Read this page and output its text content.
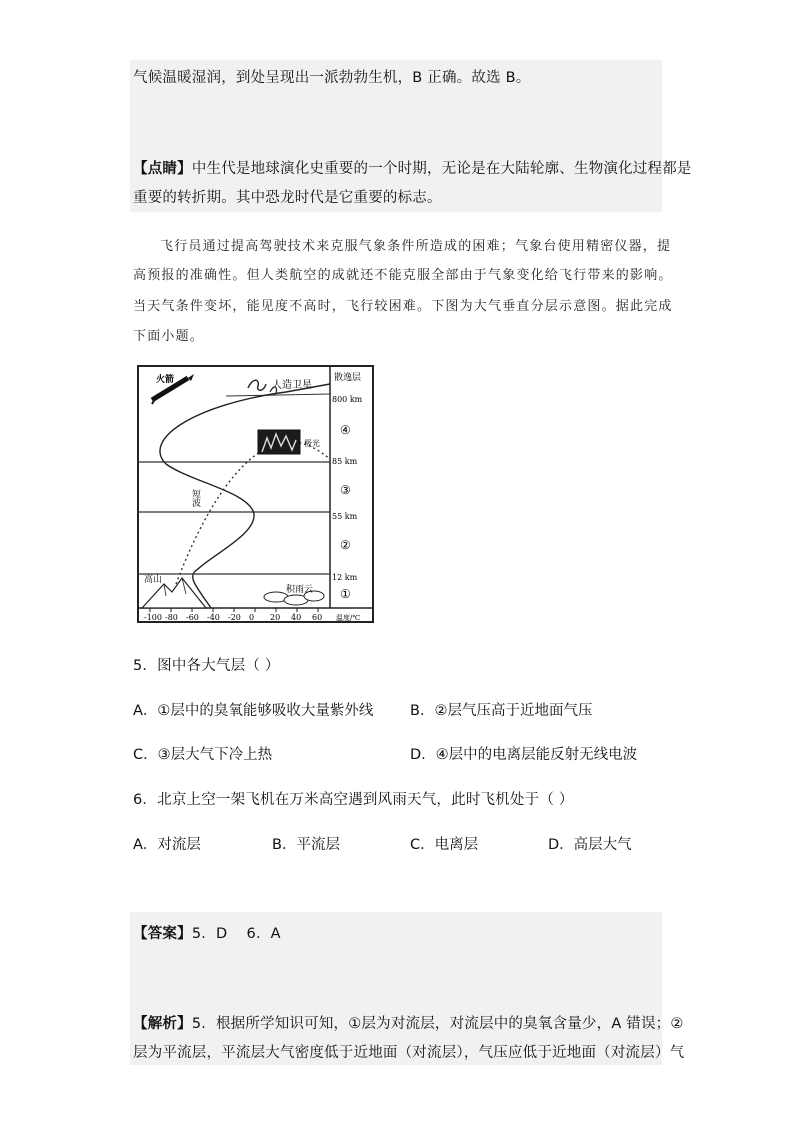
气候温暖湿润，到处呈现出一派勃勃生机，B 正确。故选 B。
【点睛】中生代是地球演化史重要的一个时期，无论是在大陆轮廓、生物演化过程都是
重要的转折期。其中恐龙时代是它重要的标志。
飞行员通过提高驾驶技术来克服气象条件所造成的困难；气象台使用精密仪器，提
高预报的准确性。但人类航空的成就还不能克服全部由于气象变化给飞行带来的影响。
当天气条件变坏，能见度不高时，飞行较困难。下图为大气垂直分层示意图。据此完成
下面小题。
火箭	人造卫星
极光
短波
高山
积雨云
散逸层
800 km
85 km
55 km
12 km
④
③
②
①
-100 -80 -60 -40 -20 0 20 40 60 温度/℃
5．图中各大气层（ ）
A．①层中的臭氧能够吸收大量紫外线	B．②层气压高于近地面气压
C．③层大气下冷上热	D．④层中的电离层能反射无线电波
6．北京上空一架飞机在万米高空遇到风雨天气，此时飞机处于（ ）
A．对流层	B．平流层	C．电离层	D．高层大气
【答案】5．D    6．A
【解析】5．根据所学知识可知，①层为对流层，对流层中的臭氧含量少，A 错误；②
层为平流层，平流层大气密度低于近地面（对流层），气压应低于近地面（对流层）气
